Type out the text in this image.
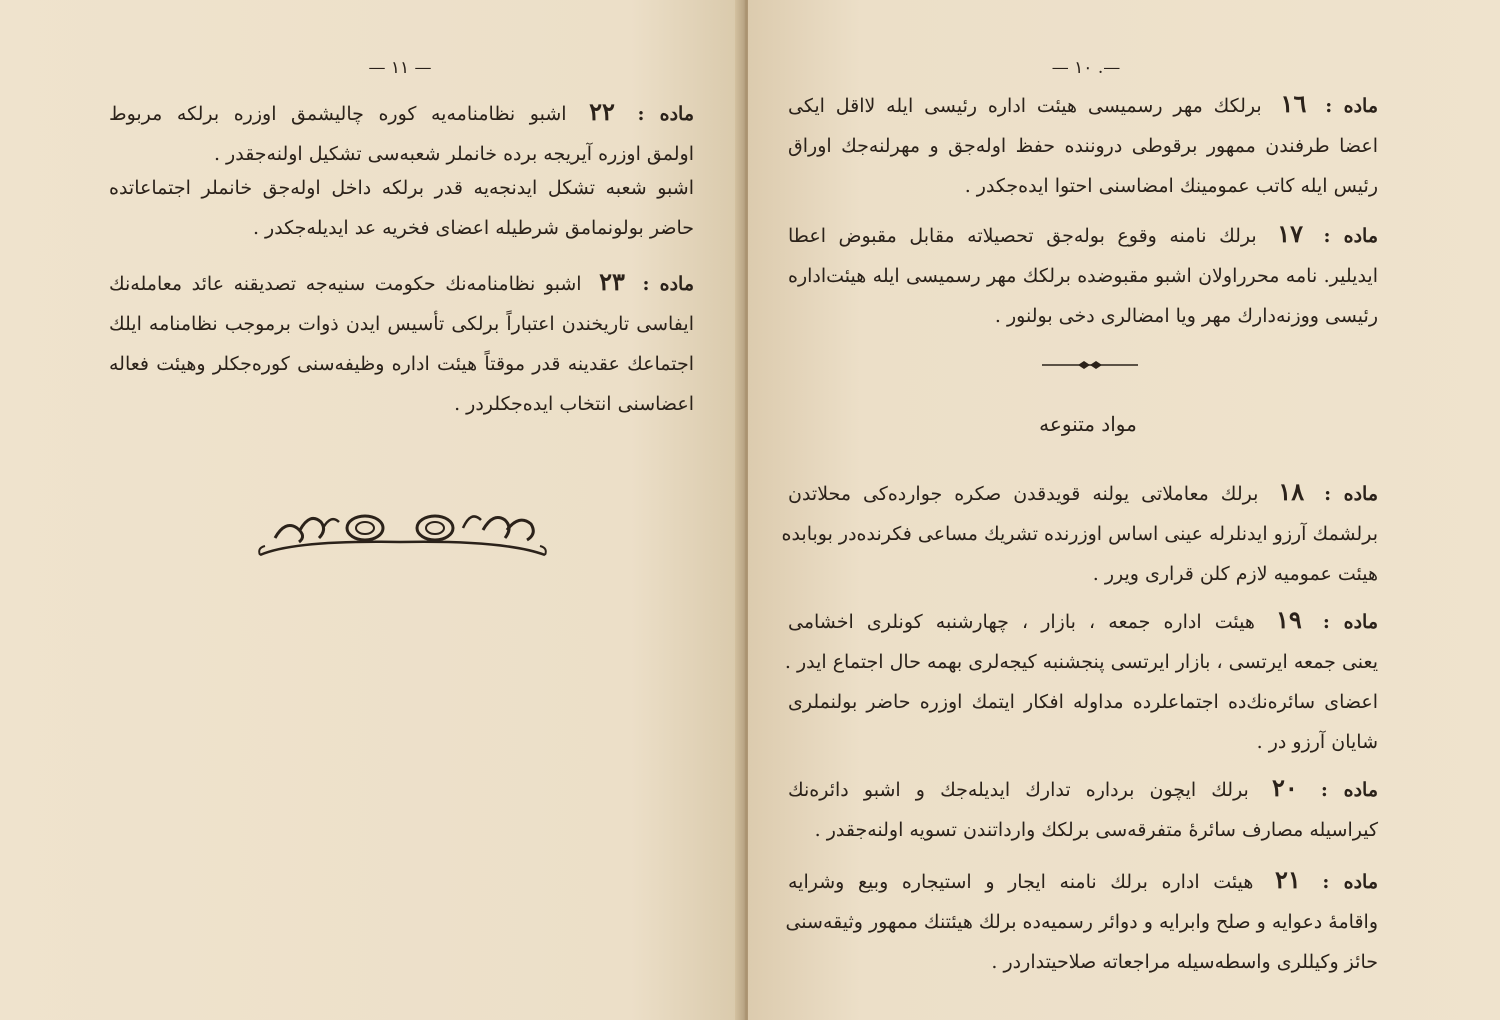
— ١١ —
ماده : ٢٢ اشبو نظامنامه‌یه کوره چالیشمق اوزره برلکه مربوط
اولمق اوزره آیریجه برده خانملر شعبه‌سی تشکیل اولنه‌جقدر .
اشبو شعبه تشکل ایدنجه‌یه قدر برلکه داخل اوله‌جق خانملر اجتماعاتده
حاضر بولونمامق شرطیله اعضای فخریه عد ایدیله‌جکدر .
ماده : ٢٣ اشبو نظامنامه‌نك حکومت سنیه‌جه تصدیقنه عائد معامله‌نك
ایفاسی تاریخندن اعتباراً برلکی تأسیس ایدن ذوات برموجب نظامنامه ایلك
اجتماعك عقدینه قدر موقتاً هیئت اداره وظیفه‌سنی کوره‌جکلر وهیئت فعاله
اعضاسنی انتخاب ایده‌جکلردر .
—. ١٠ —
ماده : ١٦ برلکك مهر رسمیسی هیئت اداره رئیسی ایله لااقل ایکی
اعضا طرفندن ممهور برقوطی دروننده حفظ اوله‌جق و مهرلنه‌جك اوراق
رئیس ایله کاتب عمومینك امضاسنی احتوا ایده‌جکدر .
ماده : ١٧ برلك نامنه وقوع بوله‌جق تحصیلاته مقابل مقبوض اعطا
ایدیلیر. نامه محرراولان اشبو مقبوضده برلکك مهر رسمیسی ایله هیئت‌اداره
رئیسی ووزنه‌دارك مهر ویا امضالری دخی بولنور .
مواد متنوعه
ماده : ١٨ برلك معاملاتی یولنه قویدقدن صکره جوارده‌کی محلاتدن
برلشمك آرزو ایدنلرله عینی اساس اوزرنده تشریك مساعی فکرنده‌در بوبابده
هیئت عمومیه لازم کلن قراری ویرر .
ماده : ١٩ هیئت اداره جمعه ، بازار ، چهارشنبه کونلری اخشامی
یعنی جمعه ایرتسی ، بازار ایرتسی پنجشنبه کیجه‌لری بهمه حال اجتماع ایدر .
اعضای سائره‌نك‌ده اجتماعلرده مداوله افکار ایتمك اوزره حاضر بولنملری
شایان آرزو در .
ماده : ٢٠ برلك ایچون برداره تدارك ایدیله‌جك و اشبو دائره‌نك
کیراسیله مصارف سائرهٔ متفرقه‌سی برلکك وارداتندن تسویه اولنه‌جقدر .
ماده : ٢١ هیئت اداره برلك نامنه ایجار و استیجاره وبیع وشرایه
واقامهٔ دعوایه و صلح وابرایه و دوائر رسمیه‌ده برلك هیئتنك ممهور وثیقه‌سنی
حائز وکیللری واسطه‌سیله مراجعاته صلاحیتداردر .
